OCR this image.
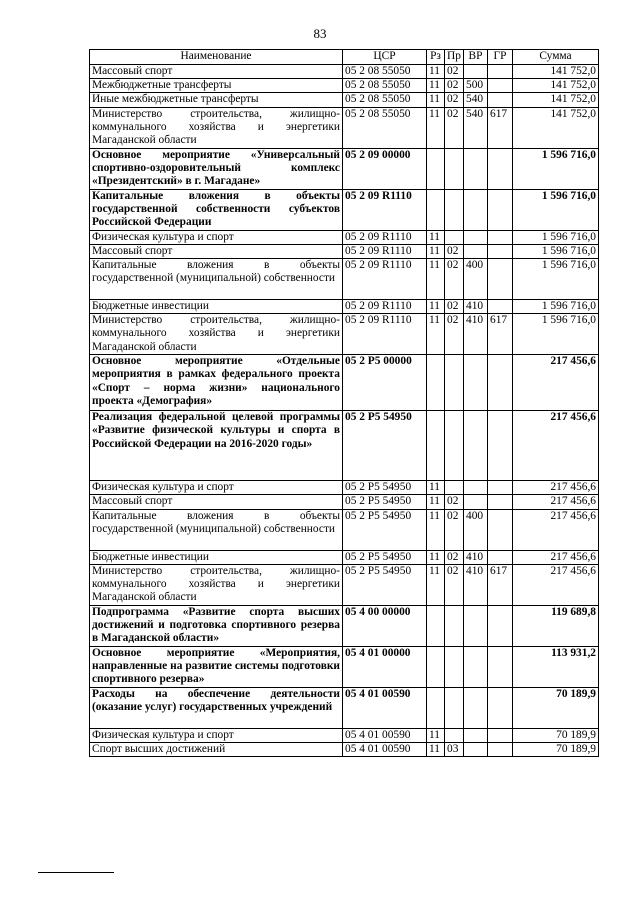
83
Наименование	ЦСР	Рз	Пр	ВР	ГР	Сумма
Массовый спорт	05 2 08 55050	11	02			141 752,0
Межбюджетные трансферты	05 2 08 55050	11	02	500		141 752,0
Иные межбюджетные трансферты	05 2 08 55050	11	02	540		141 752,0
Министерство строительства, жилищно-коммунального хозяйства и энергетики Магаданской области	05 2 08 55050	11	02	540	617	141 752,0
Основное мероприятие «Универсальный спортивно-оздоровительный комплекс «Президентский» в г. Магадане»	05 2 09 00000					1 596 716,0
Капитальные вложения в объекты государственной собственности субъектов Российской Федерации	05 2 09 R1110					1 596 716,0
Физическая культура и спорт	05 2 09 R1110	11				1 596 716,0
Массовый спорт	05 2 09 R1110	11	02			1 596 716,0
Капитальные вложения в объекты государственной (муниципальной) собственности	05 2 09 R1110	11	02	400		1 596 716,0
Бюджетные инвестиции	05 2 09 R1110	11	02	410		1 596 716,0
Министерство строительства, жилищно-коммунального хозяйства и энергетики Магаданской области	05 2 09 R1110	11	02	410	617	1 596 716,0
Основное мероприятие «Отдельные мероприятия в рамках федерального проекта «Спорт – норма жизни» национального проекта «Демография»	05 2 P5 00000					217 456,6
Реализация федеральной целевой программы «Развитие физической культуры и спорта в Российской Федерации на 2016-2020 годы»	05 2 P5 54950					217 456,6
Физическая культура и спорт	05 2 P5 54950	11				217 456,6
Массовый спорт	05 2 P5 54950	11	02			217 456,6
Капитальные вложения в объекты государственной (муниципальной) собственности	05 2 P5 54950	11	02	400		217 456,6
Бюджетные инвестиции	05 2 P5 54950	11	02	410		217 456,6
Министерство строительства, жилищно-коммунального хозяйства и энергетики Магаданской области	05 2 P5 54950	11	02	410	617	217 456,6
Подпрограмма «Развитие спорта высших достижений и подготовка спортивного резерва в Магаданской области»	05 4 00 00000					119 689,8
Основное мероприятие «Мероприятия, направленные на развитие системы подготовки спортивного резерва»	05 4 01 00000					113 931,2
Расходы на обеспечение деятельности (оказание услуг) государственных учреждений	05 4 01 00590					70 189,9
Физическая культура и спорт	05 4 01 00590	11				70 189,9
Спорт высших достижений	05 4 01 00590	11	03			70 189,9
